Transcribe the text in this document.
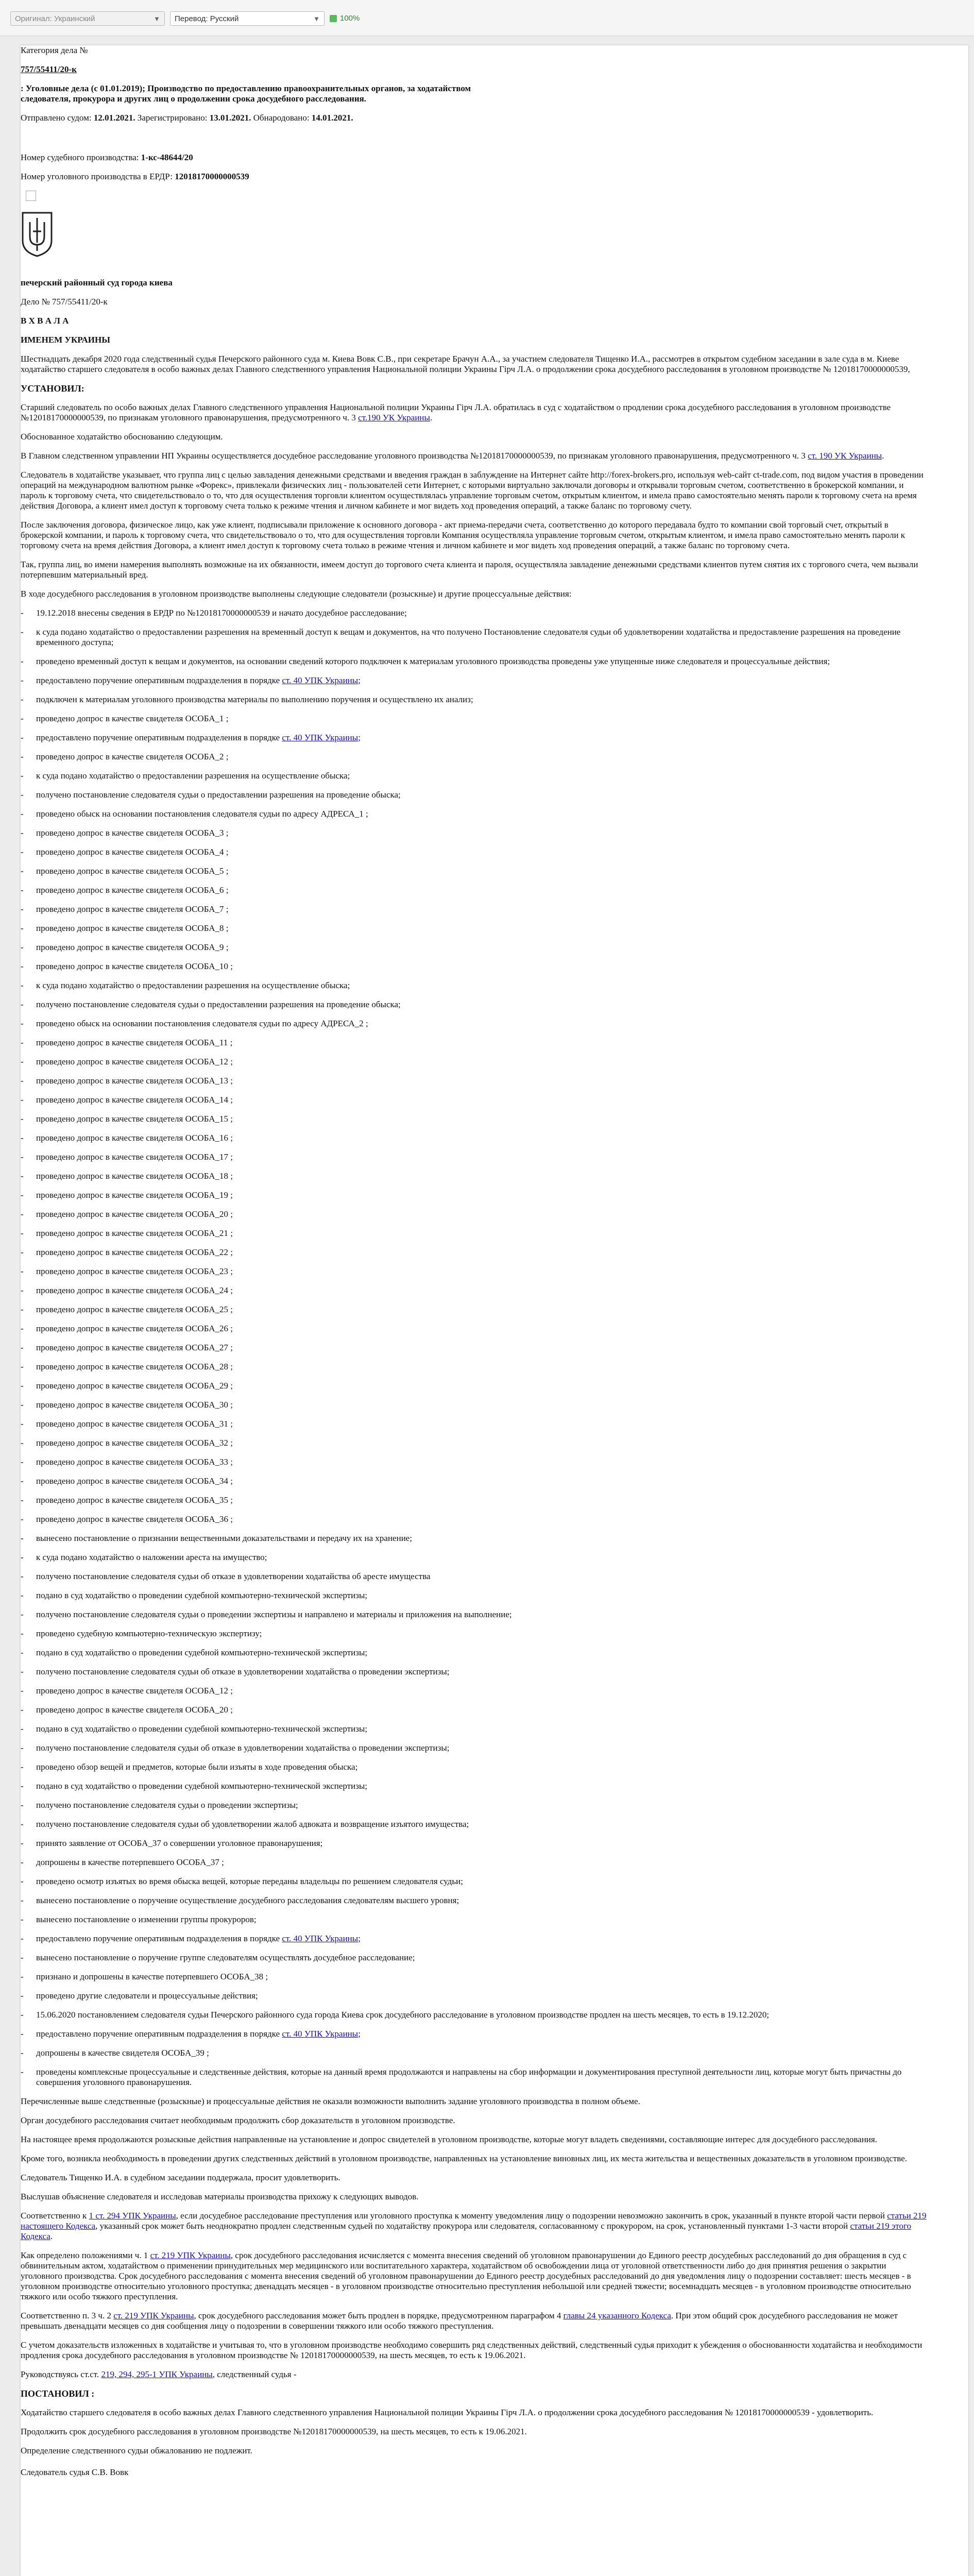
Оригинал: Украинский	▼	Перевод: Русский	▼	100%

Категория дела №

757/55411/20-к

: Уголовные дела (с 01.01.2019); Производство по предоставлению правоохранительных органов, за ходатайством следователя, прокурора и других лиц о продолжении срока досудебного расследования.

Отправлено судом: 12.01.2021. Зарегистрировано: 13.01.2021. Обнародовано: 14.01.2021.

Номер судебного производства: 1-кс-48644/20

Номер уголовного производства в ЕРДР: 12018170000000539

печерский районный суд города киева

Дело № 757/55411/20-к

В Х В А Л А

ИМЕНЕМ УКРАИНЫ

Шестнадцать декабря 2020 года следственный судья Печерского районного суда м. Киева Вовк С.В., при секретаре Брачун А.А., за участием следователя Тищенко И.А., рассмотрев в открытом судебном заседании в зале суда в м. Киеве ходатайство старшего следователя в особо важных делах Главного следственного управления Национальной полиции Украины Гірч Л.А. о продолжении срока досудебного расследования в уголовном производстве № 12018170000000539,

УСТАНОВИЛ:

Старший следователь по особо важных делах Главного следственного управления Национальной полиции Украины Гірч Л.А. обратилась в суд с ходатайством о продлении срока досудебного расследования в уголовном производстве №12018170000000539, по признакам уголовного правонарушения, предусмотренного ч. 3 ст.190 УК Украины.

Обоснованное ходатайство обоснованию следующим.

В Главном следственном управлении НП Украины осуществляется досудебное расследование уголовного производства №12018170000000539, по признакам уголовного правонарушения, предусмотренного ч. 3 ст. 190 УК Украины.

Следователь в ходатайстве указывает, что группа лиц с целью завладения денежными средствами и введения граждан в заблуждение на Интернет сайте http://forex-brokers.pro, используя web-сайт ct-trade.com, под видом участия в проведении операций на международном валютном рынке «Форекс», привлекали физических лиц - пользователей сети Интернет, с которыми виртуально заключали договоры и открывали торговым счетом, соответственно в брокерской компании, и пароль к торговому счета, что свидетельствовало о то, что для осуществления торговли клиентом осуществлялась управление торговым счетом, открытым клиентом, и имела право самостоятельно менять пароли к торговому счета на время действия Договора, а клиент имел доступ к торговому счета только к режиме чтения и личном кабинете и мог видеть ход проведения операций, а также баланс по торговому счету.

После заключения договора, физическое лицо, как уже клиент, подписывали приложение к основного договора - акт приема-передачи счета, соответственно до которого передавала будто то компании свой торговый счет, открытый в брокерской компании, и пароль к торговому счета, что свидетельствовало о то, что для осуществления торговли Компания осуществляла управление торговым счетом, открытым клиентом, и имела право самостоятельно менять пароли к торговому счета на время действия Договора, а клиент имел доступ к торговому счета только в режиме чтения и личном кабинете и мог видеть ход проведения операций, а также баланс по торговому счета.

Так, группа лиц, во имени намерения выполнять возможные на их обязанности, имеем доступ до торгового счета клиента и пароля, осуществляла завладение денежными средствами клиентов путем снятия их с торгового счета, чем вызвали потерпевшим материальный вред.

В ходе досудебного расследования в уголовном производстве выполнены следующие следователи (розыскные) и другие процессуальные действия:

- 19.12.2018 внесены сведения в ЕРДР по №12018170000000539 и начато досудебное расследование;

- к суда подано ходатайство о предоставлении разрешения на временный доступ к вещам и документов, на что получено Постановление следователя судьи об удовлетворении ходатайства и предоставление разрешения на проведение временного доступа;

- проведено временный доступ к вещам и документов, на основании сведений которого подключен к материалам уголовного производства проведены уже упущенные ниже следователя и процессуальные действия;

- предоставлено поручение оперативным подразделения в порядке ст. 40 УПК Украины;

- подключен к материалам уголовного производства материалы по выполнению поручения и осуществлено их анализ;

- проведено допрос в качестве свидетеля ОСОБА_1 ;

- предоставлено поручение оперативным подразделения в порядке ст. 40 УПК Украины;

- проведено допрос в качестве свидетеля ОСОБА_2 ;

- к суда подано ходатайство о предоставлении разрешения на осуществление обыска;

- получено постановление следователя судьи о предоставлении разрешения на проведение обыска;

- проведено обыск на основании постановления следователя судьи по адресу АДРЕСА_1 ;

- проведено допрос в качестве свидетеля ОСОБА_3 ;

- проведено допрос в качестве свидетеля ОСОБА_4 ;

- проведено допрос в качестве свидетеля ОСОБА_5 ;

- проведено допрос в качестве свидетеля ОСОБА_6 ;

- проведено допрос в качестве свидетеля ОСОБА_7 ;

- проведено допрос в качестве свидетеля ОСОБА_8 ;

- проведено допрос в качестве свидетеля ОСОБА_9 ;

- проведено допрос в качестве свидетеля ОСОБА_10 ;

- к суда подано ходатайство о предоставлении разрешения на осуществление обыска;

- получено постановление следователя судьи о предоставлении разрешения на проведение обыска;

- проведено обыск на основании постановления следователя судьи по адресу АДРЕСА_2 ;

- проведено допрос в качестве свидетеля ОСОБА_11 ;

- проведено допрос в качестве свидетеля ОСОБА_12 ;

- проведено допрос в качестве свидетеля ОСОБА_13 ;

- проведено допрос в качестве свидетеля ОСОБА_14 ;

- проведено допрос в качестве свидетеля ОСОБА_15 ;

- проведено допрос в качестве свидетеля ОСОБА_16 ;

- проведено допрос в качестве свидетеля ОСОБА_17 ;

- проведено допрос в качестве свидетеля ОСОБА_18 ;

- проведено допрос в качестве свидетеля ОСОБА_19 ;

- проведено допрос в качестве свидетеля ОСОБА_20 ;

- проведено допрос в качестве свидетеля ОСОБА_21 ;

- проведено допрос в качестве свидетеля ОСОБА_22 ;

- проведено допрос в качестве свидетеля ОСОБА_23 ;

- проведено допрос в качестве свидетеля ОСОБА_24 ;

- проведено допрос в качестве свидетеля ОСОБА_25 ;

- проведено допрос в качестве свидетеля ОСОБА_26 ;

- проведено допрос в качестве свидетеля ОСОБА_27 ;

- проведено допрос в качестве свидетеля ОСОБА_28 ;

- проведено допрос в качестве свидетеля ОСОБА_29 ;

- проведено допрос в качестве свидетеля ОСОБА_30 ;

- проведено допрос в качестве свидетеля ОСОБА_31 ;

- проведено допрос в качестве свидетеля ОСОБА_32 ;

- проведено допрос в качестве свидетеля ОСОБА_33 ;

- проведено допрос в качестве свидетеля ОСОБА_34 ;

- проведено допрос в качестве свидетеля ОСОБА_35 ;

- проведено допрос в качестве свидетеля ОСОБА_36 ;

- вынесено постановление о признании вещественными доказательствами и передачу их на хранение;

- к суда подано ходатайство о наложении ареста на имущество;

- получено постановление следователя судьи об отказе в удовлетворении ходатайства об аресте имущества

- подано в суд ходатайство о проведении судебной компьютерно-технической экспертизы;

- получено постановление следователя судьи о проведении экспертизы и направлено и материалы и приложения на выполнение;

- проведено судебную компьютерно-техническую экспертизу;

- подано в суд ходатайство о проведении судебной компьютерно-технической экспертизы;

- получено постановление следователя судьи об отказе в удовлетворении ходатайства о проведении экспертизы;

- проведено допрос в качестве свидетеля ОСОБА_12 ;

- проведено допрос в качестве свидетеля ОСОБА_20 ;

- подано в суд ходатайство о проведении судебной компьютерно-технической экспертизы;

- получено постановление следователя судьи об отказе в удовлетворении ходатайства о проведении экспертизы;

- проведено обзор вещей и предметов, которые были изъяты в ходе проведения обыска;

- подано в суд ходатайство о проведении судебной компьютерно-технической экспертизы;

- получено постановление следователя судьи о проведении экспертизы;

- получено постановление следователя судьи об удовлетворении жалоб адвоката и возвращение изъятого имущества;

- принято заявление от ОСОБА_37 о совершении уголовное правонарушения;

- допрошены в качестве потерпевшего ОСОБА_37 ;

- проведено осмотр изъятых во время обыска вещей, которые переданы владельцы по решением следователя судьи;

- вынесено постановление о поручение осуществление досудебного расследования следователям высшего уровня;

- вынесено постановление о изменении группы прокуроров;

- предоставлено поручение оперативным подразделения в порядке ст. 40 УПК Украины;

- вынесено постановление о поручение группе следователям осуществлять досудебное расследование;

- признано и допрошены в качестве потерпевшего ОСОБА_38 ;

- проведено другие следователи и процессуальные действия;

- 15.06.2020 постановлением следователя судьи Печерского районного суда города Киева срок досудебного расследование в уголовном производстве продлен на шесть месяцев, то есть в 19.12.2020;

- предоставлено поручение оперативным подразделения в порядке ст. 40 УПК Украины;

- допрошены в качестве свидетеля ОСОБА_39 ;

- проведены комплексные процессуальные и следственные действия, которые на данный время продолжаются и направлены на сбор информации и документирования преступной деятельности лиц, которые могут быть причастны до совершения уголовного правонарушения.

Перечисленные выше следственные (розыскные) и процессуальные действия не оказали возможности выполнить задание уголовного производства в полном объеме.

Орган досудебного расследования считает необходимым продолжить сбор доказательств в уголовном производстве.

На настоящее время продолжаются розыскные действия направленные на установление и допрос свидетелей в уголовном производстве, которые могут владеть сведениями, составляющие интерес для досудебного расследования.

Кроме того, возникла необходимость в проведении других следственных действий в уголовном производстве, направленных на установление виновных лиц, их места жительства и вещественных доказательств в уголовном производстве.

Следователь Тищенко И.А. в судебном заседании поддержала, просит удовлетворить.

Выслушав объяснение следователя и исследовав материалы производства прихожу к следующих выводов.

Соответственно к 1 ст. 294 УПК Украины, если досудебное расследование преступления или уголовного проступка к моменту уведомления лицу о подозрении невозможно закончить в срок, указанный в пункте второй части первой статьи 219 настоящего Кодекса, указанный срок может быть неоднократно продлен следственным судьей по ходатайству прокурора или следователя, согласованному с прокурором, на срок, установленный пунктами 1-3 части второй статьи 219 этого Кодекса.

Как определено положениями ч. 1 ст. 219 УПК Украины, срок досудебного расследования исчисляется с момента внесения сведений об уголовном правонарушении до Единого реестр досудебных расследований до дня обращения в суд с обвинительным актом, ходатайством о применении принудительных мер медицинского или воспитательного характера, ходатайством об освобождении лица от уголовной ответственности либо до дня принятия решения о закрытии уголовного производства. Срок досудебного расследования с момента внесения сведений об уголовном правонарушении до Единого реестр досудебных расследований до дня уведомления лицу о подозрении составляет: шесть месяцев - в уголовном производстве относительно уголовного проступка; двенадцать месяцев - в уголовном производстве относительно преступления небольшой или средней тяжести; восемнадцать месяцев - в уголовном производстве относительно тяжкого или особо тяжкого преступления.

Соответственно п. 3 ч. 2 ст. 219 УПК Украины, срок досудебного расследования может быть продлен в порядке, предусмотренном параграфом 4 главы 24 указанного Кодекса. При этом общий срок досудебного расследования не может превышать двенадцати месяцев со дня сообщения лицу о подозрении в совершении тяжкого или особо тяжкого преступления.

С учетом доказательств изложенных в ходатайстве и учитывая то, что в уголовном производстве необходимо совершить ряд следственных действий, следственный судья приходит к убеждения о обоснованности ходатайства и необходимости продления срока досудебного расследования в уголовном производстве № 12018170000000539, на шесть месяцев, то есть к 19.06.2021.

Руководствуясь ст.ст. 219, 294, 295-1 УПК Украины, следственный судья -

ПОСТАНОВИЛ :

Ходатайство старшего следователя в особо важных делах Главного следственного управления Национальной полиции Украины Гірч Л.А. о продолжении срока досудебного расследования № 12018170000000539 - удовлетворить.

Продолжить срок досудебного расследования в уголовном производстве №12018170000000539, на шесть месяцев, то есть к 19.06.2021.

Определение следственного судьи обжалованию не подлежит.

Следователь судья С.В. Вовк
